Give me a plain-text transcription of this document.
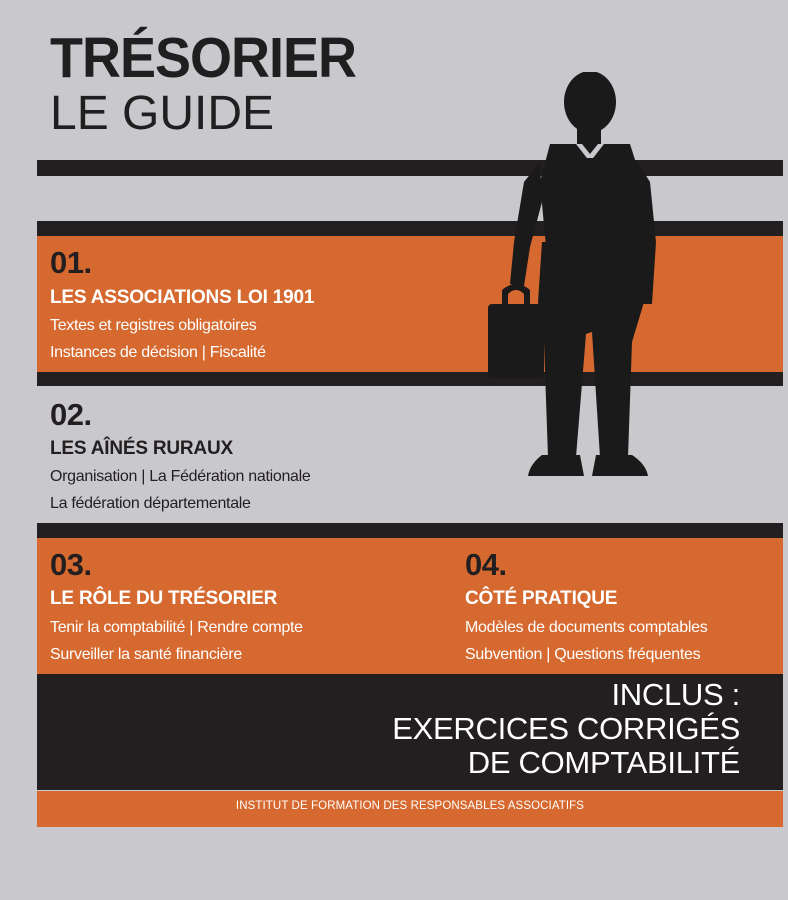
TRÉSORIER
LE GUIDE
01.
LES ASSOCIATIONS LOI 1901
Textes et registres obligatoires
Instances de décision | Fiscalité
02.
LES AÎNÉS RURAUX
Organisation | La Fédération nationale
La fédération départementale
03.
LE RÔLE DU TRÉSORIER
Tenir la comptabilité | Rendre compte
Surveiller la santé financière
04.
CÔTÉ PRATIQUE
Modèles de documents comptables
Subvention | Questions fréquentes
INCLUS :
EXERCICES CORRIGÉS
DE COMPTABILITÉ
INSTITUT DE FORMATION DES RESPONSABLES ASSOCIATIFS
